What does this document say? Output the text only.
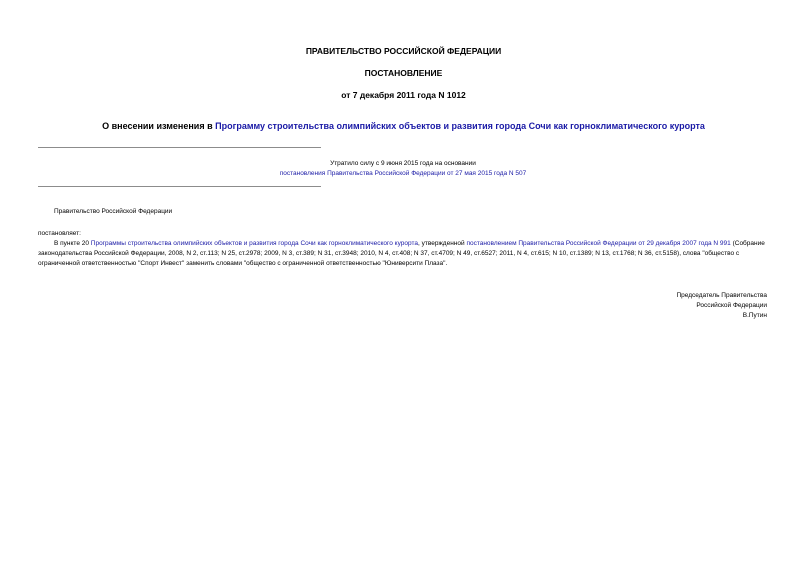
ПРАВИТЕЛЬСТВО РОССИЙСКОЙ ФЕДЕРАЦИИ
ПОСТАНОВЛЕНИЕ
от 7 декабря 2011 года N 1012
О внесении изменения в Программу строительства олимпийских объектов и развития города Сочи как горноклиматического курорта
Утратило силу с 9 июня 2015 года на основании
постановления Правительства Российской Федерации от 27 мая 2015 года N 507
Правительство Российской Федерации
постановляет:
В пункте 20 Программы строительства олимпийских объектов и развития города Сочи как горноклиматического курорта, утвержденной постановлением Правительства Российской Федерации от 29 декабря 2007 года N 991 (Собрание законодательства Российской Федерации, 2008, N 2, ст.113; N 25, ст.2978; 2009, N 3, ст.389; N 31, ст.3948; 2010, N 4, ст.408; N 37, ст.4709; N 49, ст.6527; 2011, N 4, ст.615; N 10, ст.1389; N 13, ст.1768; N 36, ст.5158), слова "общество с ограниченной ответственностью "Спорт Инвест" заменить словами "общество с ограниченной ответственностью "Юниверсити Плаза".
Председатель Правительства
Российской Федерации
В.Путин
